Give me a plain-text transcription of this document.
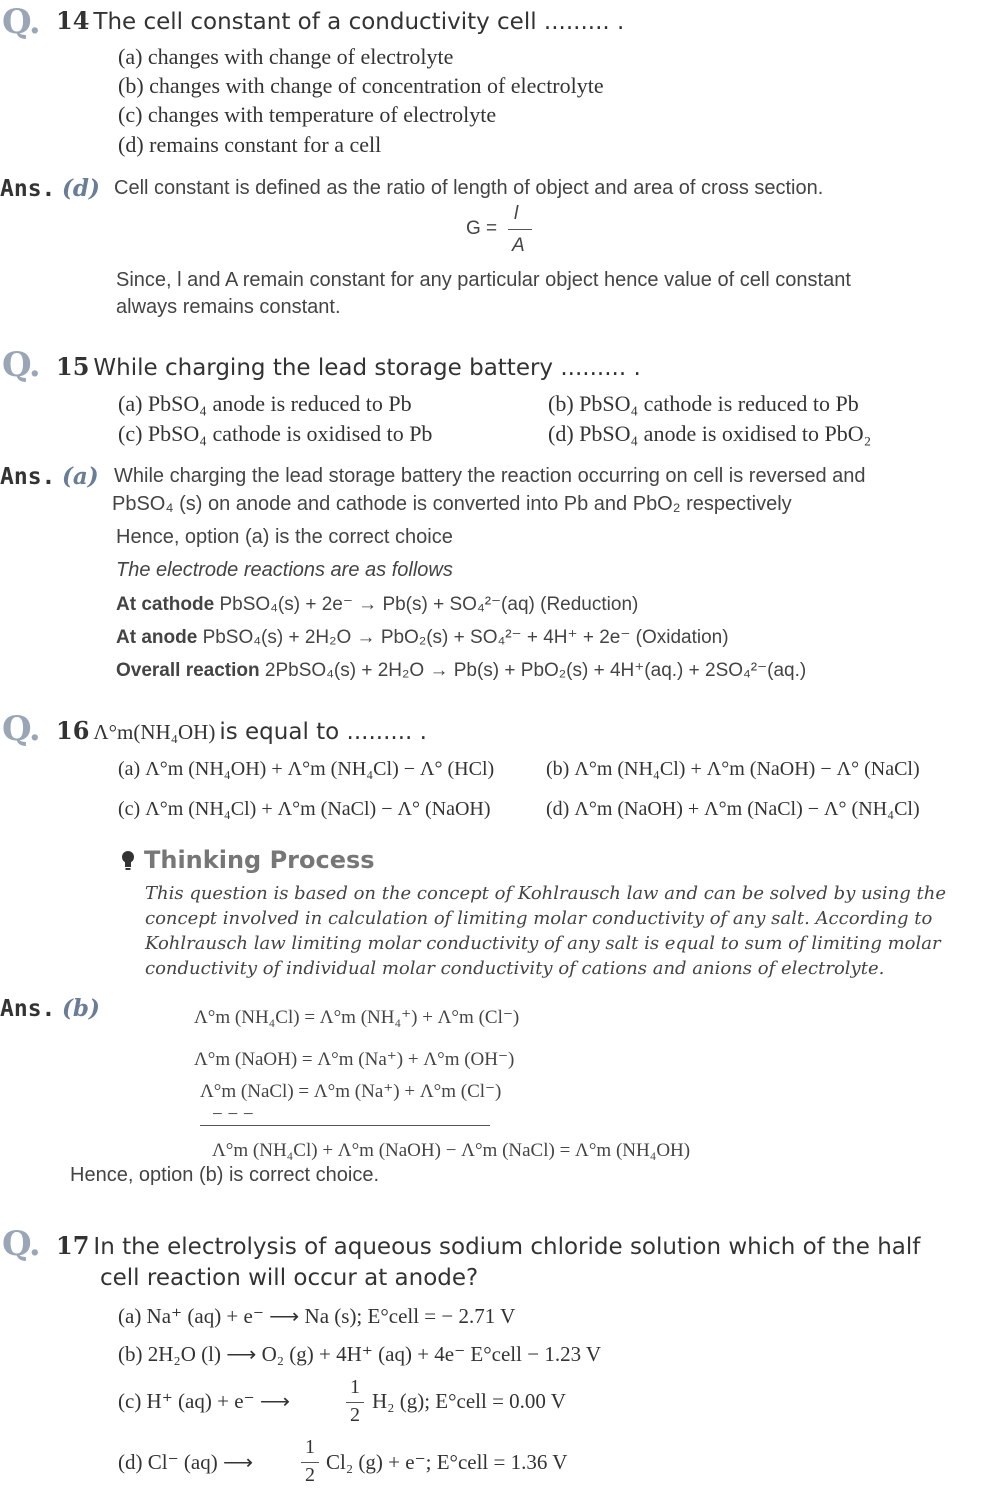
Q. 14 The cell constant of a conductivity cell ......... .
(a) changes with change of electrolyte
(b) changes with change of concentration of electrolyte
(c) changes with temperature of electrolyte
(d) remains constant for a cell
Ans. (d) Cell constant is defined as the ratio of length of object and area of cross section.
G =
l
A
Since, l and A remain constant for any particular object hence value of cell constant
always remains constant.
Q. 15 While charging the lead storage battery ......... .
(a) PbSO₄ anode is reduced to Pb	(b) PbSO₄ cathode is reduced to Pb
(c) PbSO₄ cathode is oxidised to Pb	(d) PbSO₄ anode is oxidised to PbO₂
Ans. (a) While charging the lead storage battery the reaction occurring on cell is reversed and
PbSO₄ (s) on anode and cathode is converted into Pb and PbO₂ respectively
Hence, option (a) is the correct choice
The electrode reactions are as follows
At cathode PbSO₄(s) + 2e⁻ → Pb(s) + SO₄²⁻(aq) (Reduction)
At anode PbSO₄(s) + 2H₂O → PbO₂(s) + SO₄²⁻ + 4H⁺ + 2e⁻ (Oxidation)
Overall reaction 2PbSO₄(s) + 2H₂O → Pb(s) + PbO₂(s) + 4H⁺(aq.) + 2SO₄²⁻(aq.)
Q. 16 Λ°m(NH₄OH) is equal to ......... .
(a) Λ°m (NH₄OH) + Λ°m (NH₄Cl) − Λ° (HCl)	(b) Λ°m (NH₄Cl) + Λ°m (NaOH) − Λ° (NaCl)
(c) Λ°m (NH₄Cl) + Λ°m (NaCl) − Λ° (NaOH)	(d) Λ°m (NaOH) + Λ°m (NaCl) − Λ° (NH₄Cl)
Thinking Process
This question is based on the concept of Kohlrausch law and can be solved by using the
concept involved in calculation of limiting molar conductivity of any salt. According to
Kohlrausch law limiting molar conductivity of any salt is equal to sum of limiting molar
conductivity of individual molar conductivity of cations and anions of electrolyte.
Ans. (b)	Λ°m (NH₄Cl) = Λ°m (NH₄⁺) + Λ°m (Cl⁻)
Λ°m (NaOH) = Λ°m (Na⁺) + Λ°m (OH⁻)
Λ°m (NaCl) = Λ°m (Na⁺) + Λ°m (Cl⁻)
− − −
Λ°m (NH₄Cl) + Λ°m (NaOH) − Λ°m (NaCl) = Λ°m (NH₄OH)
Hence, option (b) is correct choice.
Q. 17 In the electrolysis of aqueous sodium chloride solution which of the half
cell reaction will occur at anode?
(a) Na⁺ (aq) + e⁻ ⟶ Na (s); E°cell = − 2.71 V
(b) 2H₂O (l) ⟶ O₂ (g) + 4H⁺ (aq) + 4e⁻ E°cell − 1.23 V
(c) H⁺ (aq) + e⁻ ⟶
1
2
H₂ (g); E°cell = 0.00 V
(d) Cl⁻ (aq) ⟶
1
2
Cl₂ (g) + e⁻; E°cell = 1.36 V
